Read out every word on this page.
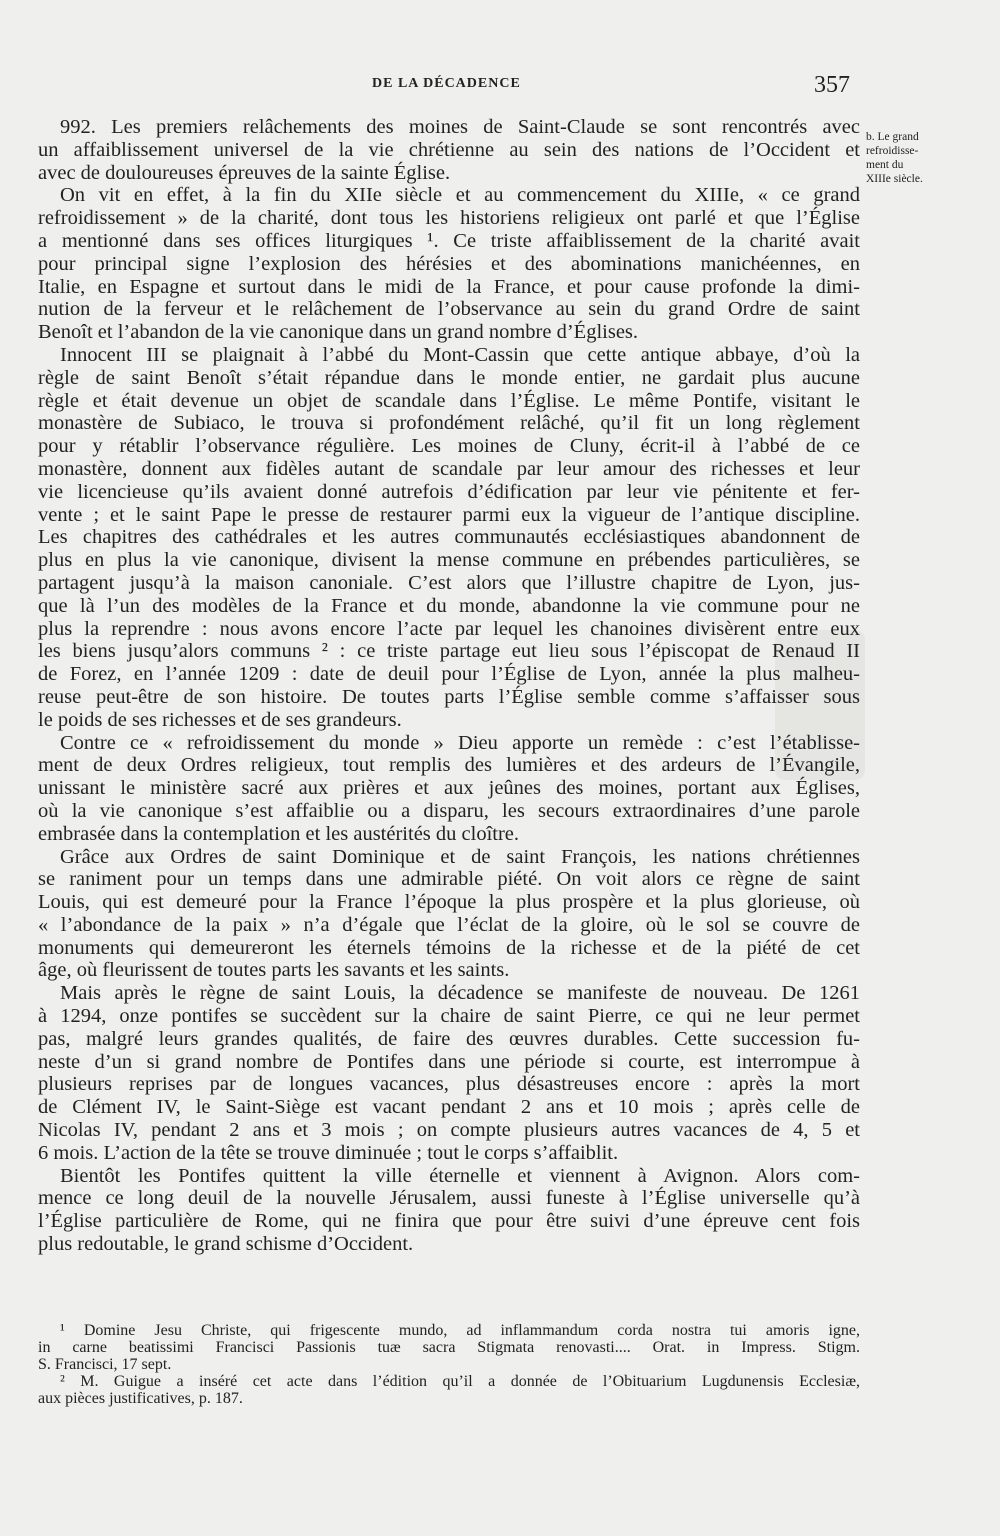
DE LA DÉCADENCE	357
b. Le grand
refroidisse-
ment du
XIIIe siècle.
992. Les premiers relâchements des moines de Saint-Claude se sont rencontrés avec
un affaiblissement universel de la vie chrétienne au sein des nations de l’Occident et
avec de douloureuses épreuves de la sainte Église.
On vit en effet, à la fin du XIIe siècle et au commencement du XIIIe, « ce grand
refroidissement » de la charité, dont tous les historiens religieux ont parlé et que l’Église
a mentionné dans ses offices liturgiques ¹. Ce triste affaiblissement de la charité avait
pour principal signe l’explosion des hérésies et des abominations manichéennes, en
Italie, en Espagne et surtout dans le midi de la France, et pour cause profonde la dimi-
nution de la ferveur et le relâchement de l’observance au sein du grand Ordre de saint
Benoît et l’abandon de la vie canonique dans un grand nombre d’Églises.
Innocent III se plaignait à l’abbé du Mont-Cassin que cette antique abbaye, d’où la
règle de saint Benoît s’était répandue dans le monde entier, ne gardait plus aucune
règle et était devenue un objet de scandale dans l’Église. Le même Pontife, visitant le
monastère de Subiaco, le trouva si profondément relâché, qu’il fit un long règlement
pour y rétablir l’observance régulière. Les moines de Cluny, écrit-il à l’abbé de ce
monastère, donnent aux fidèles autant de scandale par leur amour des richesses et leur
vie licencieuse qu’ils avaient donné autrefois d’édification par leur vie pénitente et fer-
vente ; et le saint Pape le presse de restaurer parmi eux la vigueur de l’antique discipline.
Les chapitres des cathédrales et les autres communautés ecclésiastiques abandonnent de
plus en plus la vie canonique, divisent la mense commune en prébendes particulières, se
partagent jusqu’à la maison canoniale. C’est alors que l’illustre chapitre de Lyon, jus-
que là l’un des modèles de la France et du monde, abandonne la vie commune pour ne
plus la reprendre : nous avons encore l’acte par lequel les chanoines divisèrent entre eux
les biens jusqu’alors communs ² : ce triste partage eut lieu sous l’épiscopat de Renaud II
de Forez, en l’année 1209 : date de deuil pour l’Église de Lyon, année la plus malheu-
reuse peut-être de son histoire. De toutes parts l’Église semble comme s’affaisser sous
le poids de ses richesses et de ses grandeurs.
Contre ce « refroidissement du monde » Dieu apporte un remède : c’est l’établisse-
ment de deux Ordres religieux, tout remplis des lumières et des ardeurs de l’Évangile,
unissant le ministère sacré aux prières et aux jeûnes des moines, portant aux Églises,
où la vie canonique s’est affaiblie ou a disparu, les secours extraordinaires d’une parole
embrasée dans la contemplation et les austérités du cloître.
Grâce aux Ordres de saint Dominique et de saint François, les nations chrétiennes
se raniment pour un temps dans une admirable piété. On voit alors ce règne de saint
Louis, qui est demeuré pour la France l’époque la plus prospère et la plus glorieuse, où
« l’abondance de la paix » n’a d’égale que l’éclat de la gloire, où le sol se couvre de
monuments qui demeureront les éternels témoins de la richesse et de la piété de cet
âge, où fleurissent de toutes parts les savants et les saints.
Mais après le règne de saint Louis, la décadence se manifeste de nouveau. De 1261
à 1294, onze pontifes se succèdent sur la chaire de saint Pierre, ce qui ne leur permet
pas, malgré leurs grandes qualités, de faire des œuvres durables. Cette succession fu-
neste d’un si grand nombre de Pontifes dans une période si courte, est interrompue à
plusieurs reprises par de longues vacances, plus désastreuses encore : après la mort
de Clément IV, le Saint-Siège est vacant pendant 2 ans et 10 mois ; après celle de
Nicolas IV, pendant 2 ans et 3 mois ; on compte plusieurs autres vacances de 4, 5 et
6 mois. L’action de la tête se trouve diminuée ; tout le corps s’affaiblit.
Bientôt les Pontifes quittent la ville éternelle et viennent à Avignon. Alors com-
mence ce long deuil de la nouvelle Jérusalem, aussi funeste à l’Église universelle qu’à
l’Église particulière de Rome, qui ne finira que pour être suivi d’une épreuve cent fois
plus redoutable, le grand schisme d’Occident.
¹ Domine Jesu Christe, qui frigescente mundo, ad inflammandum corda nostra tui amoris igne,
in carne beatissimi Francisci Passionis tuæ sacra Stigmata renovasti.... Orat. in Impress. Stigm.
S. Francisci, 17 sept.
² M. Guigue a inséré cet acte dans l’édition qu’il a donnée de l’Obituarium Lugdunensis Ecclesiæ,
aux pièces justificatives, p. 187.
